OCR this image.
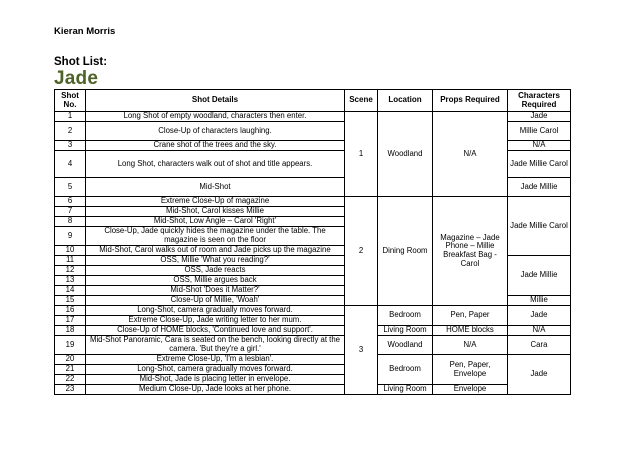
Kieran Morris
Shot List:
Jade
Shot No.	Shot Details	Scene	Location	Props Required	Characters Required
1	Long Shot of empty woodland, characters then enter.	1	Woodland	N/A	Jade
2	Close-Up of characters laughing.				Millie Carol
3	Crane shot of the trees and the sky.				N/A
4	Long Shot, characters walk out of shot and title appears.				Jade Millie Carol
5	Mid-Shot				Jade Millie
6	Extreme Close-Up of magazine	2	Dining Room	Magazine – Jade Phone – Millie Breakfast Bag - Carol	Jade Millie Carol
7	Mid-Shot, Carol kisses Millie				
8	Mid-Shot, Low Angle – Carol 'Right'				
9	Close-Up, Jade quickly hides the magazine under the table. The magazine is seen on the floor				
10	Mid-Shot, Carol walks out of room and Jade picks up the magazine				
11	OSS, Millie 'What you reading?'				Jade Millie
12	OSS, Jade reacts				
13	OSS, Millie argues back				
14	Mid-Shot 'Does it Matter?'				
15	Close-Up of Millie, 'Woah'				Millie
16	Long-Shot, camera gradually moves forward.	3	Bedroom	Pen, Paper	Jade
17	Extreme Close-Up, Jade writing letter to her mum.				
18	Close-Up of HOME blocks, 'Continued love and support'.		Living Room	HOME blocks	N/A
19	Mid-Shot Panoramic, Cara is seated on the bench, looking directly at the camera. 'But they're a girl.'		Woodland	N/A	Cara
20	Extreme Close-Up, 'I'm a lesbian'.		Bedroom	Pen, Paper, Envelope	Jade
21	Long-Shot, camera gradually moves forward.				
22	Mid-Shot, Jade is placing letter in envelope.				
23	Medium Close-Up, Jade looks at her phone.		Living Room	Envelope	
